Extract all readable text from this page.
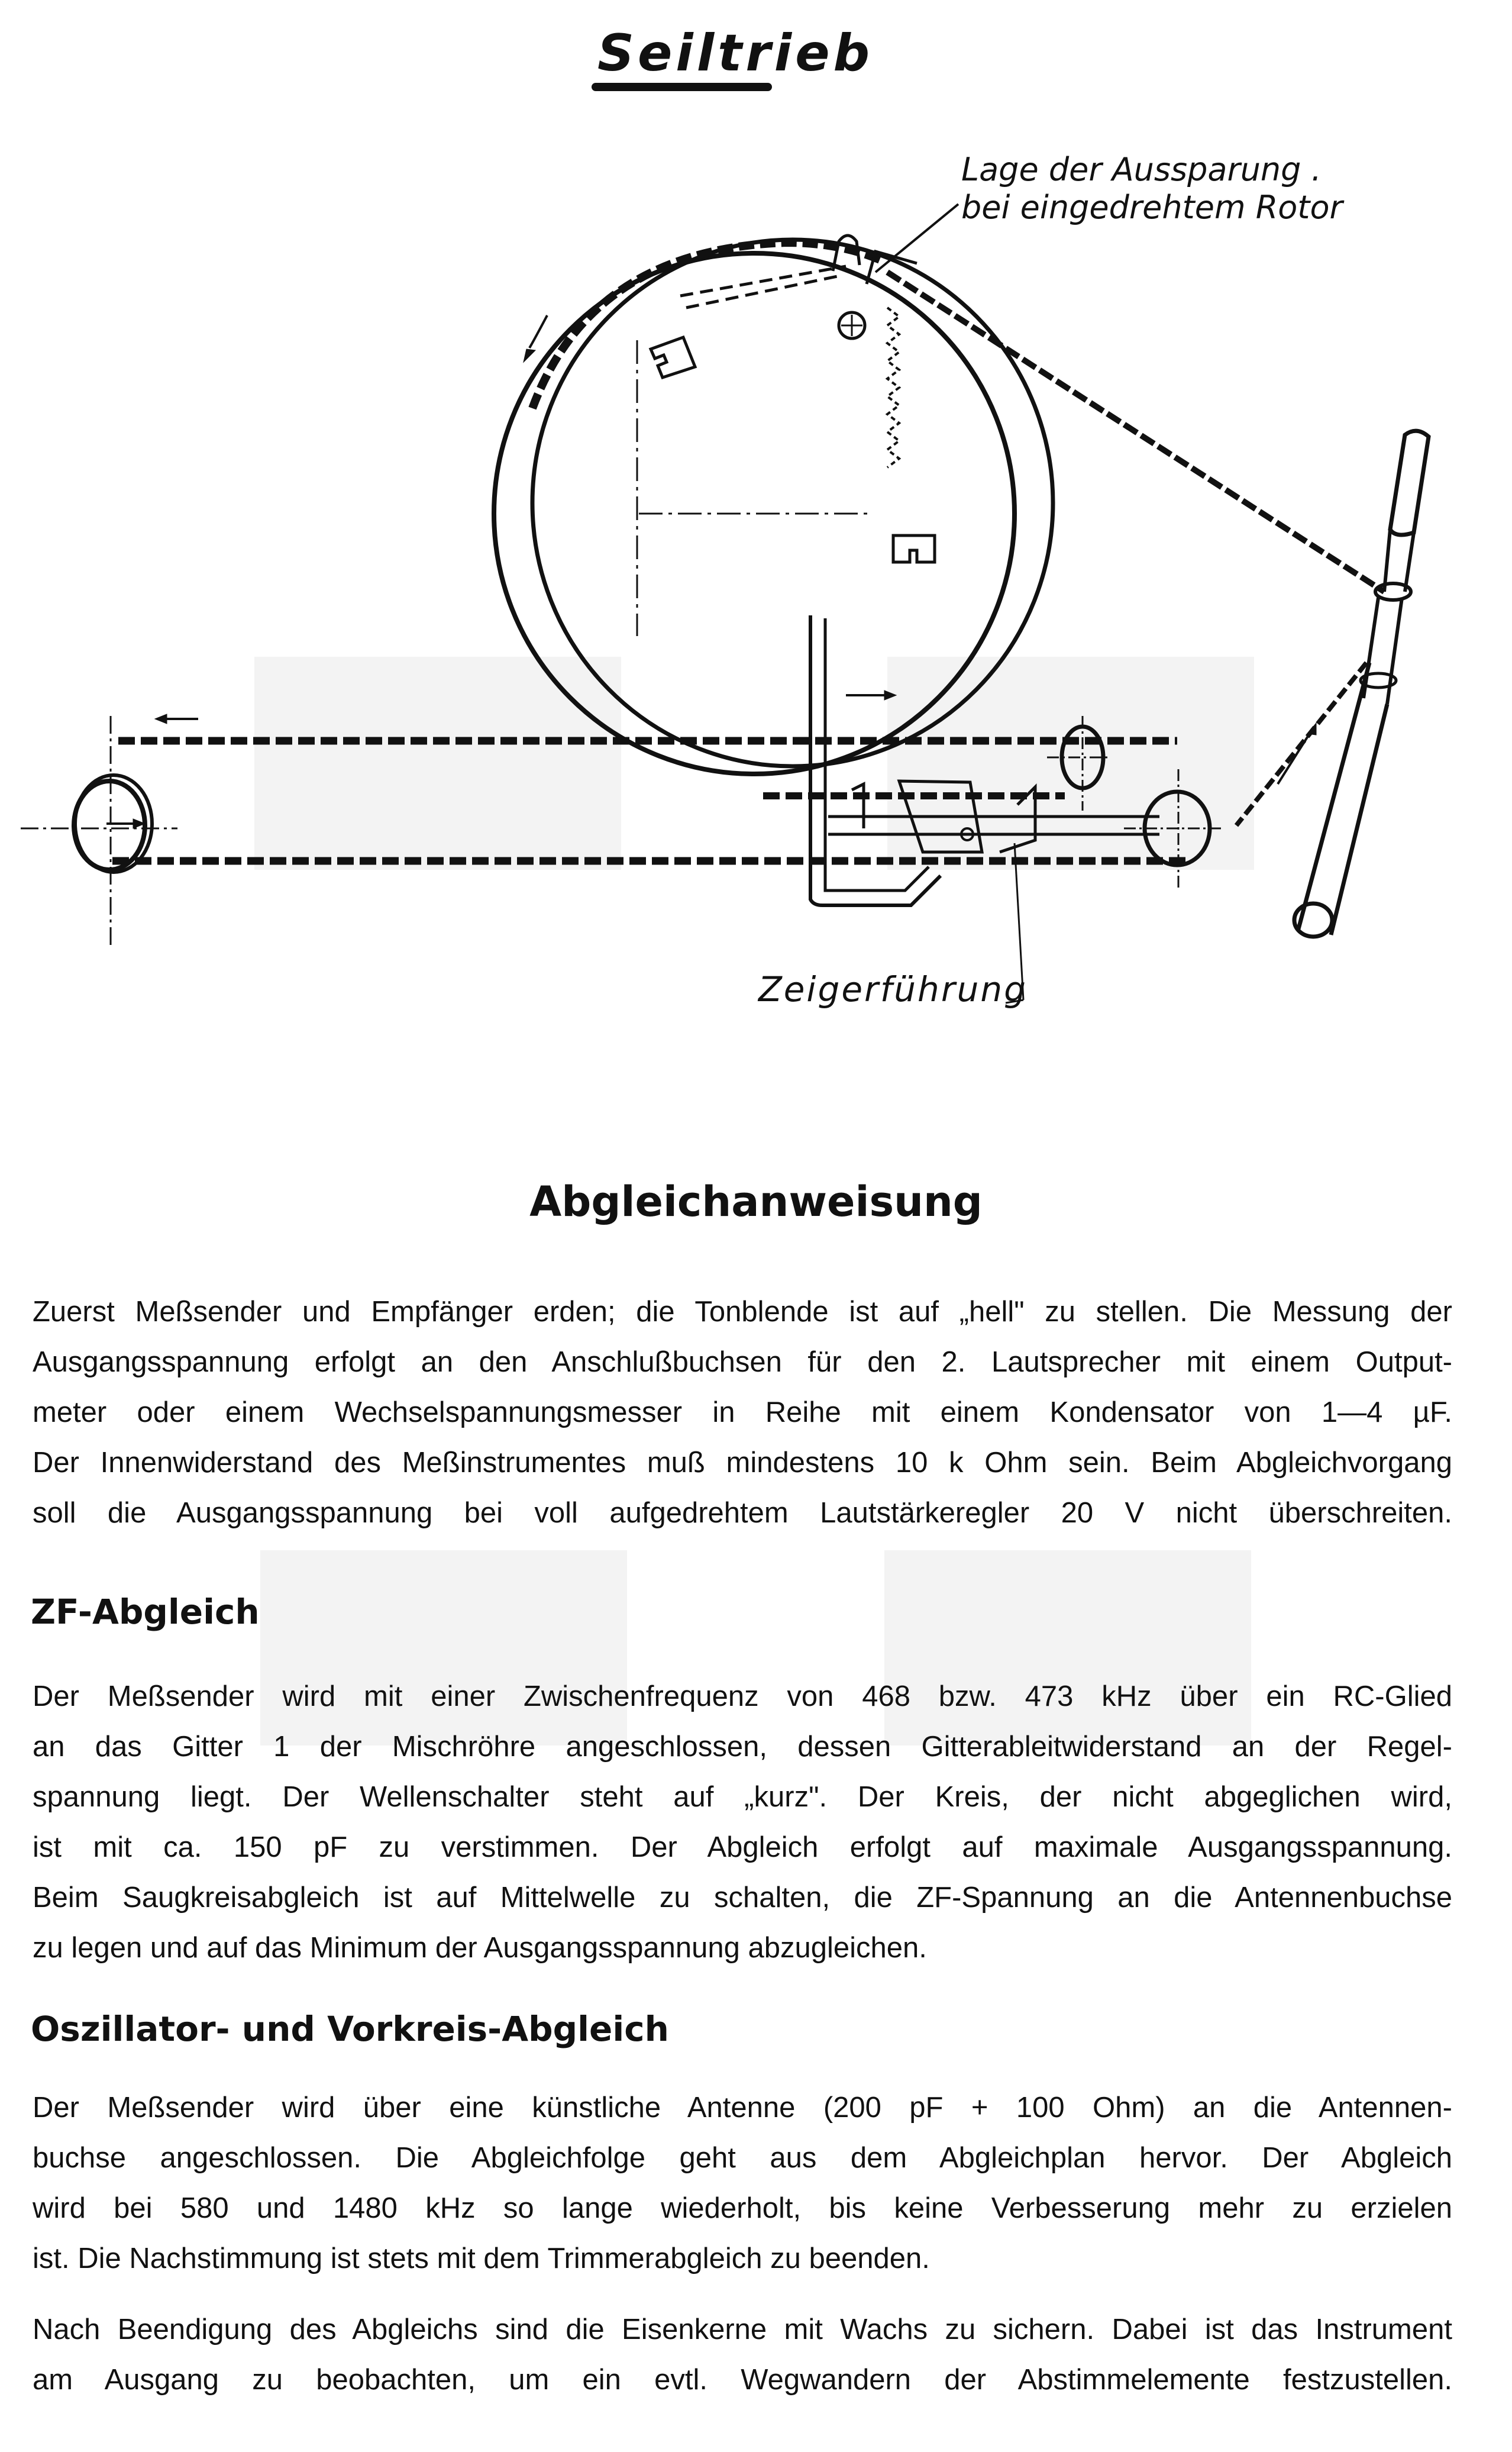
Seiltrieb
Lage der Aussparung .
bei eingedrehtem Rotor
Zeigerführung
Abgleichanweisung
Zuerst Meßsender und Empfänger erden; die Tonblende ist auf „hell" zu stellen. Die Messung der
Ausgangsspannung erfolgt an den Anschlußbuchsen für den 2. Lautsprecher mit einem Output-
meter oder einem Wechselspannungsmesser in Reihe mit einem Kondensator von 1—4 µF.
Der Innenwiderstand des Meßinstrumentes muß mindestens 10 k Ohm sein. Beim Abgleichvorgang
soll die Ausgangsspannung bei voll aufgedrehtem Lautstärkeregler 20 V nicht überschreiten.
ZF-Abgleich
Der Meßsender wird mit einer Zwischenfrequenz von 468 bzw. 473 kHz über ein RC-Glied
an das Gitter 1 der Mischröhre angeschlossen, dessen Gitterableitwiderstand an der Regel-
spannung liegt. Der Wellenschalter steht auf „kurz". Der Kreis, der nicht abgeglichen wird,
ist mit ca. 150 pF zu verstimmen. Der Abgleich erfolgt auf maximale Ausgangsspannung.
Beim Saugkreisabgleich ist auf Mittelwelle zu schalten, die ZF-Spannung an die Antennenbuchse
zu legen und auf das Minimum der Ausgangsspannung abzugleichen.
Oszillator- und Vorkreis-Abgleich
Der Meßsender wird über eine künstliche Antenne (200 pF + 100 Ohm) an die Antennen-
buchse angeschlossen. Die Abgleichfolge geht aus dem Abgleichplan hervor. Der Abgleich
wird bei 580 und 1480 kHz so lange wiederholt, bis keine Verbesserung mehr zu erzielen
ist. Die Nachstimmung ist stets mit dem Trimmerabgleich zu beenden.
Nach Beendigung des Abgleichs sind die Eisenkerne mit Wachs zu sichern. Dabei ist das Instrument
am Ausgang zu beobachten, um ein evtl. Wegwandern der Abstimmelemente festzustellen.
